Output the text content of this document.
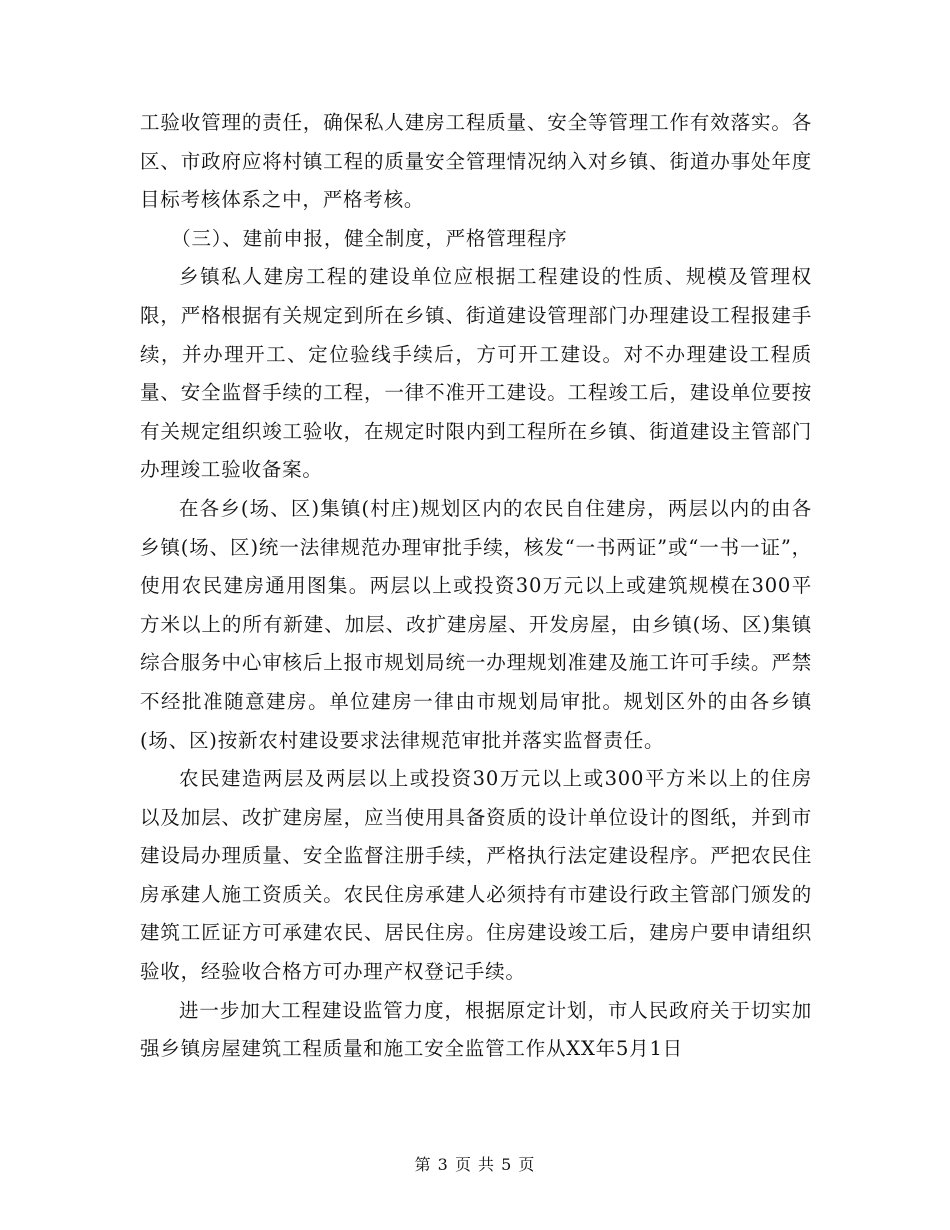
工验收管理的责任，确保私人建房工程质量、安全等管理工作有效落实。各区、市政府应将村镇工程的质量安全管理情况纳入对乡镇、街道办事处年度目标考核体系之中，严格考核。

（三）、建前申报，健全制度，严格管理程序

乡镇私人建房工程的建设单位应根据工程建设的性质、规模及管理权限，严格根据有关规定到所在乡镇、街道建设管理部门办理建设工程报建手续，并办理开工、定位验线手续后，方可开工建设。对不办理建设工程质量、安全监督手续的工程，一律不准开工建设。工程竣工后，建设单位要按有关规定组织竣工验收，在规定时限内到工程所在乡镇、街道建设主管部门办理竣工验收备案。

在各乡(场、区)集镇(村庄)规划区内的农民自住建房，两层以内的由各乡镇(场、区)统一法律规范办理审批手续，核发“一书两证”或“一书一证”，使用农民建房通用图集。两层以上或投资30万元以上或建筑规模在300平方米以上的所有新建、加层、改扩建房屋、开发房屋，由乡镇(场、区)集镇综合服务中心审核后上报市规划局统一办理规划准建及施工许可手续。严禁不经批准随意建房。单位建房一律由市规划局审批。规划区外的由各乡镇(场、区)按新农村建设要求法律规范审批并落实监督责任。

农民建造两层及两层以上或投资30万元以上或300平方米以上的住房以及加层、改扩建房屋，应当使用具备资质的设计单位设计的图纸，并到市建设局办理质量、安全监督注册手续，严格执行法定建设程序。严把农民住房承建人施工资质关。农民住房承建人必须持有市建设行政主管部门颁发的建筑工匠证方可承建农民、居民住房。住房建设竣工后，建房户要申请组织验收，经验收合格方可办理产权登记手续。

进一步加大工程建设监管力度，根据原定计划，市人民政府关于切实加强乡镇房屋建筑工程质量和施工安全监管工作从XX年5月1日

第 3 页 共 5 页
